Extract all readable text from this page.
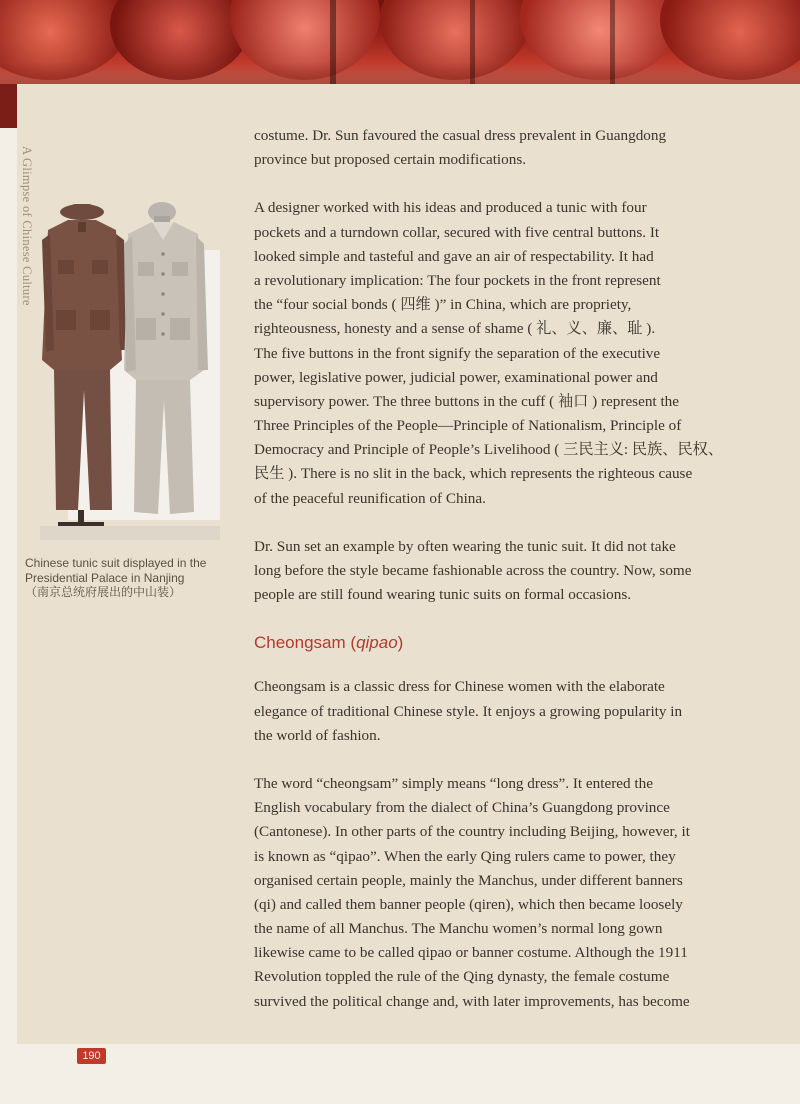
A Glimpse of Chinese Culture
Chinese tunic suit displayed in the
Presidential Palace in Nanjing
（南京总统府展出的中山装）
costume. Dr. Sun favoured the casual dress prevalent in Guangdong
province but proposed certain modifications.
A designer worked with his ideas and produced a tunic with four
pockets and a turndown collar, secured with five central buttons. It
looked simple and tasteful and gave an air of respectability. It had
a revolutionary implication: The four pockets in the front represent
the “four social bonds ( 四维 )” in China, which are propriety,
righteousness, honesty and a sense of shame ( 礼、义、廉、耻 ).
The five buttons in the front signify the separation of the executive
power, legislative power, judicial power, examinational power and
supervisory power. The three buttons in the cuff ( 袖口 ) represent the
Three Principles of the People—Principle of Nationalism, Principle of
Democracy and Principle of People’s Livelihood ( 三民主义: 民族、民权、
民生 ). There is no slit in the back, which represents the righteous cause
of the peaceful reunification of China.
Dr. Sun set an example by often wearing the tunic suit. It did not take
long before the style became fashionable across the country. Now, some
people are still found wearing tunic suits on formal occasions.
Cheongsam (qipao)
Cheongsam is a classic dress for Chinese women with the elaborate
elegance of traditional Chinese style. It enjoys a growing popularity in
the world of fashion.
The word “cheongsam” simply means “long dress”. It entered the
English vocabulary from the dialect of China’s Guangdong province
(Cantonese). In other parts of the country including Beijing, however, it
is known as “qipao”. When the early Qing rulers came to power, they
organised certain people, mainly the Manchus, under different banners
(qi) and called them banner people (qiren), which then became loosely
the name of all Manchus. The Manchu women’s normal long gown
likewise came to be called qipao or banner costume. Although the 1911
Revolution toppled the rule of the Qing dynasty, the female costume
survived the political change and, with later improvements, has become
190
